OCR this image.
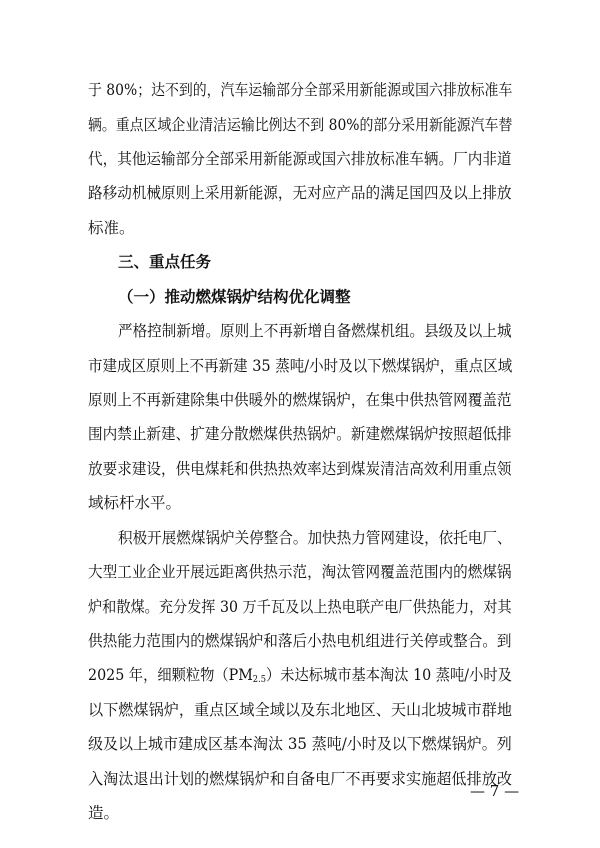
于 80%；达不到的，汽车运输部分全部采用新能源或国六排放标准车
辆。重点区域企业清洁运输比例达不到 80%的部分采用新能源汽车替
代，其他运输部分全部采用新能源或国六排放标准车辆。厂内非道
路移动机械原则上采用新能源，无对应产品的满足国四及以上排放
标准。
三、重点任务
（一）推动燃煤锅炉结构优化调整
严格控制新增。原则上不再新增自备燃煤机组。县级及以上城
市建成区原则上不再新建 35 蒸吨/小时及以下燃煤锅炉，重点区域
原则上不再新建除集中供暖外的燃煤锅炉，在集中供热管网覆盖范
围内禁止新建、扩建分散燃煤供热锅炉。新建燃煤锅炉按照超低排
放要求建设，供电煤耗和供热热效率达到煤炭清洁高效利用重点领
域标杆水平。
积极开展燃煤锅炉关停整合。加快热力管网建设，依托电厂、
大型工业企业开展远距离供热示范，淘汰管网覆盖范围内的燃煤锅
炉和散煤。充分发挥 30 万千瓦及以上热电联产电厂供热能力，对其
供热能力范围内的燃煤锅炉和落后小热电机组进行关停或整合。到
2025 年，细颗粒物$(PM_{2.5})$未达标城市基本淘汰 10 蒸吨/小时及
以下燃煤锅炉，重点区域全域以及东北地区、天山北坡城市群地
级及以上城市建成区基本淘汰 35 蒸吨/小时及以下燃煤锅炉。列
入淘汰退出计划的燃煤锅炉和自备电厂不再要求实施超低排放改
造。
— 7 —
